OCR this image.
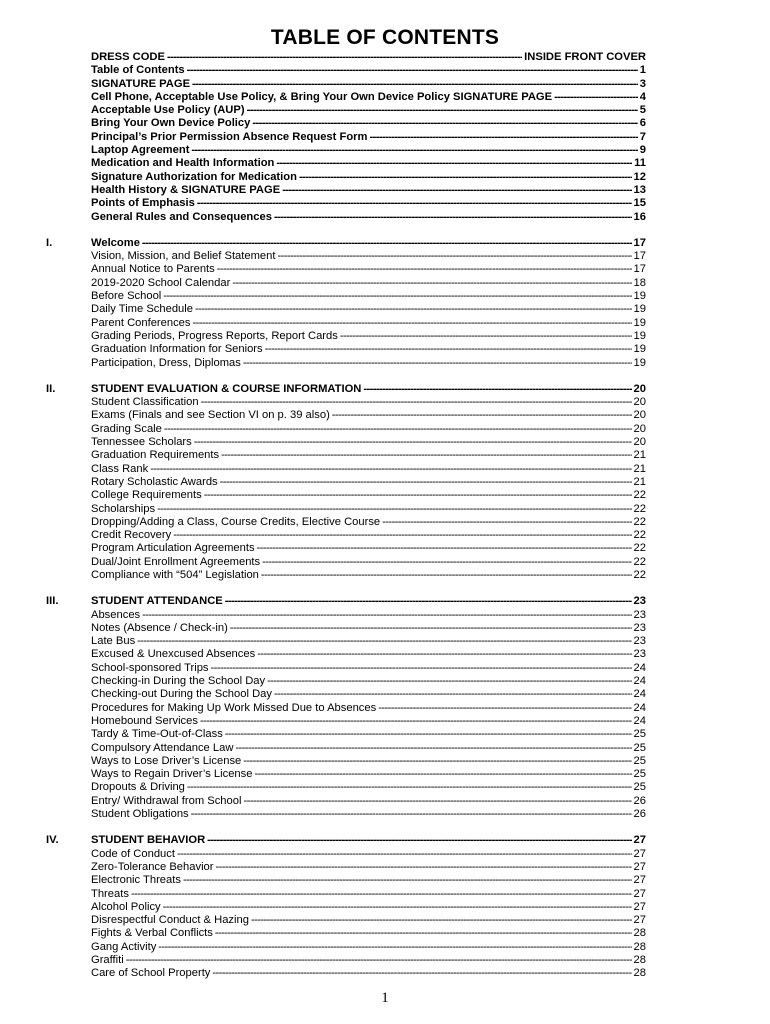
TABLE OF CONTENTS
DRESS CODE -----	INSIDE FRONT COVER
Table of Contents -----	1
SIGNATURE PAGE -----	3
Cell Phone, Acceptable Use Policy, & Bring Your Own Device Policy SIGNATURE PAGE -----	4
Acceptable Use Policy (AUP) -----	5
Bring Your Own Device Policy -----	6
Principal’s Prior Permission Absence Request Form -----	7
Laptop Agreement -----	9
Medication and Health Information -----	11
Signature Authorization for Medication -----	12
Health History & SIGNATURE PAGE -----	13
Points of Emphasis -----	15
General Rules and Consequences -----	16
I.	Welcome -----	17
Vision, Mission, and Belief Statement -----	17
Annual Notice to Parents -----	17
2019-2020 School Calendar -----	18
Before School -----	19
Daily Time Schedule -----	19
Parent Conferences -----	19
Grading Periods, Progress Reports, Report Cards -----	19
Graduation Information for Seniors -----	19
Participation, Dress, Diplomas -----	19
II.	STUDENT EVALUATION & COURSE INFORMATION -----	20
Student Classification -----	20
Exams (Finals and see Section VI on p. 39 also) -----	20
Grading Scale -----	20
Tennessee Scholars -----	20
Graduation Requirements -----	21
Class Rank -----	21
Rotary Scholastic Awards -----	21
College Requirements -----	22
Scholarships -----	22
Dropping/Adding a Class, Course Credits, Elective Course -----	22
Credit Recovery -----	22
Program Articulation Agreements -----	22
Dual/Joint Enrollment Agreements -----	22
Compliance with “504” Legislation -----	22
III.	STUDENT ATTENDANCE -----	23
Absences -----	23
Notes (Absence / Check-in) -----	23
Late Bus -----	23
Excused & Unexcused Absences -----	23
School-sponsored Trips -----	24
Checking-in During the School Day -----	24
Checking-out During the School Day -----	24
Procedures for Making Up Work Missed Due to Absences -----	24
Homebound Services -----	24
Tardy & Time-Out-of-Class -----	25
Compulsory Attendance Law -----	25
Ways to Lose Driver’s License -----	25
Ways to Regain Driver’s License -----	25
Dropouts & Driving -----	25
Entry/ Withdrawal from School -----	26
Student Obligations -----	26
IV.	STUDENT BEHAVIOR -----	27
Code of Conduct -----	27
Zero-Tolerance Behavior -----	27
Electronic Threats -----	27
Threats -----	27
Alcohol Policy -----	27
Disrespectful Conduct & Hazing -----	27
Fights & Verbal Conflicts -----	28
Gang Activity -----	28
Graffiti -----	28
Care of School Property -----	28
1
